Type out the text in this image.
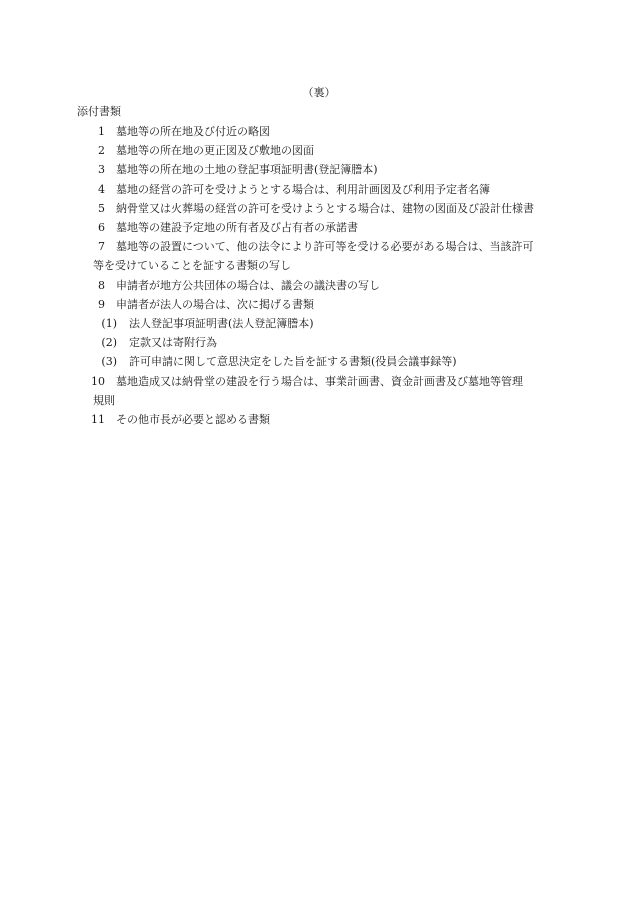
（裏）
添付書類
1 墓地等の所在地及び付近の略図
2 墓地等の所在地の更正図及び敷地の図面
3 墓地等の所在地の土地の登記事項証明書(登記簿謄本)
4 墓地の経営の許可を受けようとする場合は、利用計画図及び利用予定者名簿
5 納骨堂又は火葬場の経営の許可を受けようとする場合は、建物の図面及び設計仕様書
6 墓地等の建設予定地の所有者及び占有者の承諾書
7 墓地等の設置について、他の法令により許可等を受ける必要がある場合は、当該許可
等を受けていることを証する書類の写し
8 申請者が地方公共団体の場合は、議会の議決書の写し
9 申請者が法人の場合は、次に掲げる書類
(1) 法人登記事項証明書(法人登記簿謄本)
(2) 定款又は寄附行為
(3) 許可申請に関して意思決定をした旨を証する書類(役員会議事録等)
10 墓地造成又は納骨堂の建設を行う場合は、事業計画書、資金計画書及び墓地等管理
規則
11 その他市長が必要と認める書類
